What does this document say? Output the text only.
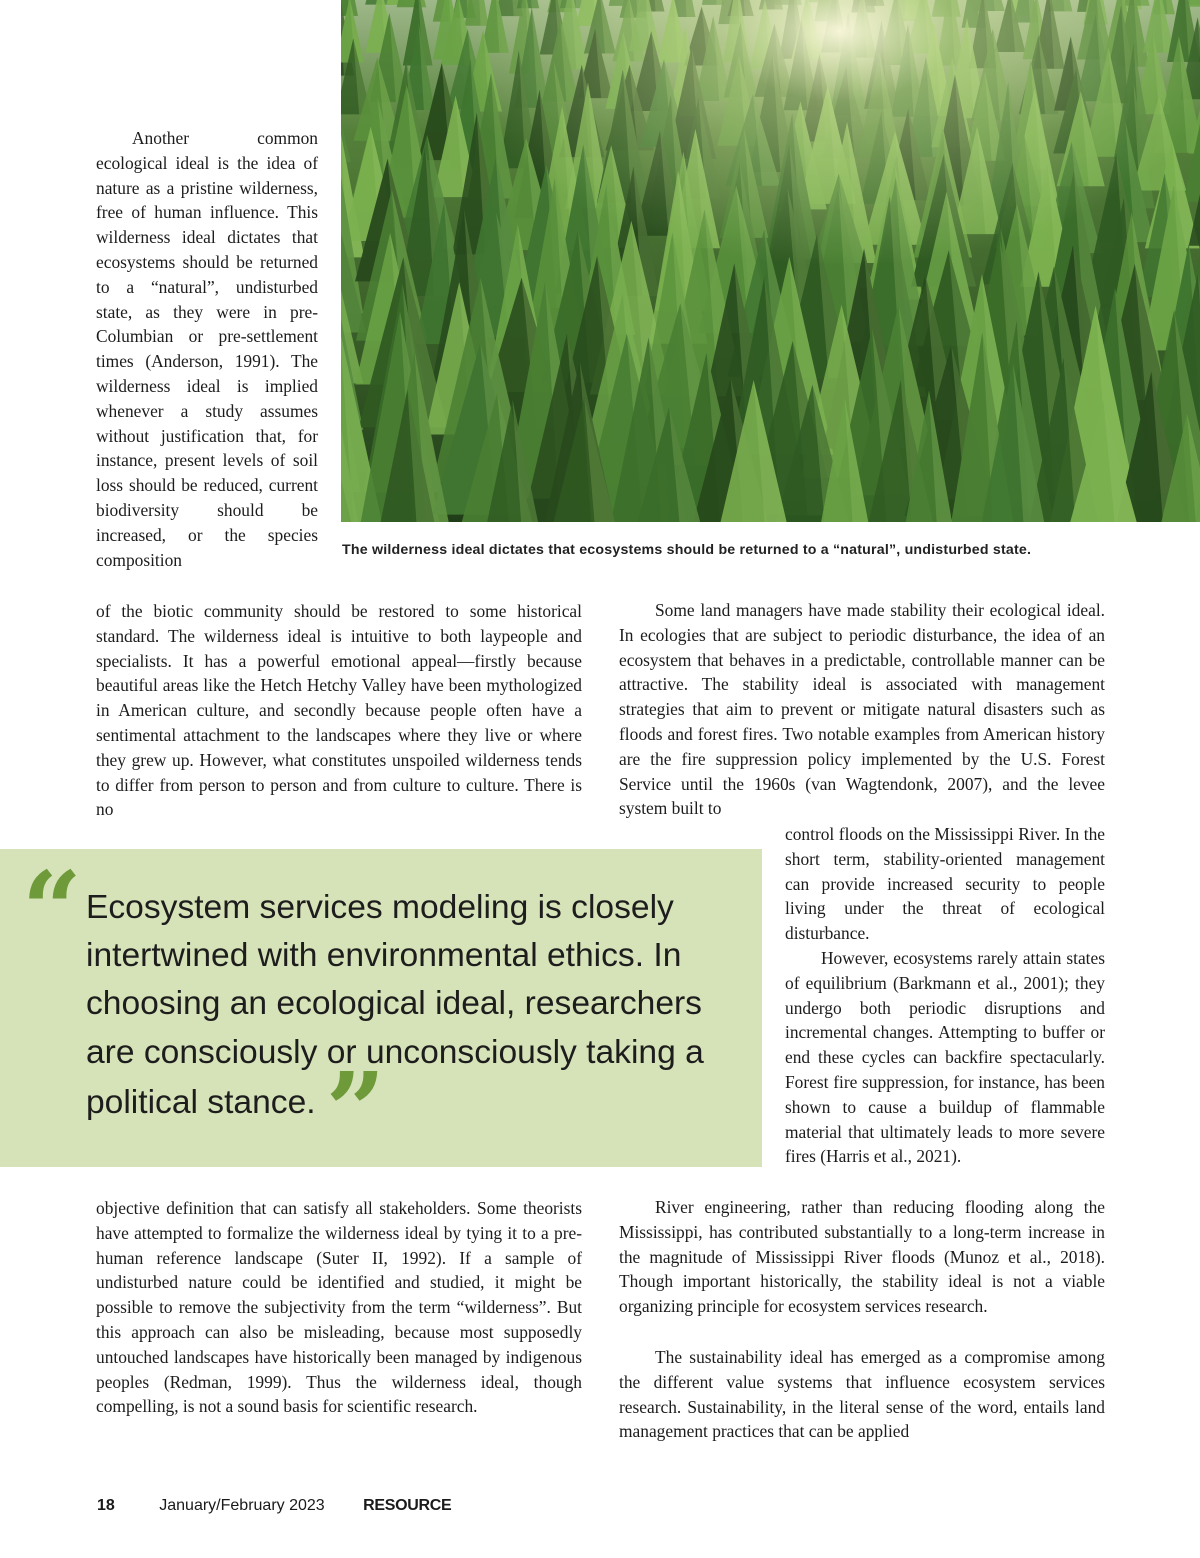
The wilderness ideal dictates that ecosystems should be returned to a “natural”, undisturbed state.

Another common ecological ideal is the idea of nature as a pristine wilderness, free of human influence. This wilderness ideal dictates that ecosystems should be returned to a “natural”, undisturbed state, as they were in pre-Columbian or pre-settlement times (Anderson, 1991). The wilderness ideal is implied whenever a study assumes without justification that, for instance, present levels of soil loss should be reduced, current biodiversity should be increased, or the species composition

of the biotic community should be restored to some historical standard. The wilderness ideal is intuitive to both laypeople and specialists. It has a powerful emotional appeal—firstly because beautiful areas like the Hetch Hetchy Valley have been mythologized in American culture, and secondly because people often have a sentimental attachment to the landscapes where they live or where they grew up. However, what constitutes unspoiled wilderness tends to differ from person to person and from culture to culture. There is no

“ Ecosystem services modeling is closely intertwined with environmental ethics. In choosing an ecological ideal, researchers are consciously or unconsciously taking a political stance.”

objective definition that can satisfy all stakeholders. Some theorists have attempted to formalize the wilderness ideal by tying it to a pre-human reference landscape (Suter II, 1992). If a sample of undisturbed nature could be identified and studied, it might be possible to remove the subjectivity from the term “wilderness”. But this approach can also be misleading, because most supposedly untouched landscapes have historically been managed by indigenous peoples (Redman, 1999). Thus the wilderness ideal, though compelling, is not a sound basis for scientific research.

Some land managers have made stability their ecological ideal. In ecologies that are subject to periodic disturbance, the idea of an ecosystem that behaves in a predictable, controllable manner can be attractive. The stability ideal is associated with management strategies that aim to prevent or mitigate natural disasters such as floods and forest fires. Two notable examples from American history are the fire suppression policy implemented by the U.S. Forest Service until the 1960s (van Wagtendonk, 2007), and the levee system built to

control floods on the Mississippi River. In the short term, stability-oriented management can provide increased security to people living under the threat of ecological disturbance.

However, ecosystems rarely attain states of equilibrium (Barkmann et al., 2001); they undergo both periodic disruptions and incremental changes. Attempting to buffer or end these cycles can backfire spectacularly. Forest fire suppression, for instance, has been shown to cause a buildup of flammable material that ultimately leads to more severe fires (Harris et al., 2021).

River engineering, rather than reducing flooding along the Mississippi, has contributed substantially to a long-term increase in the magnitude of Mississippi River floods (Munoz et al., 2018). Though important historically, the stability ideal is not a viable organizing principle for ecosystem services research.

The sustainability ideal has emerged as a compromise among the different value systems that influence ecosystem services research. Sustainability, in the literal sense of the word, entails land management practices that can be applied

18	January/February 2023 RESOURCE
